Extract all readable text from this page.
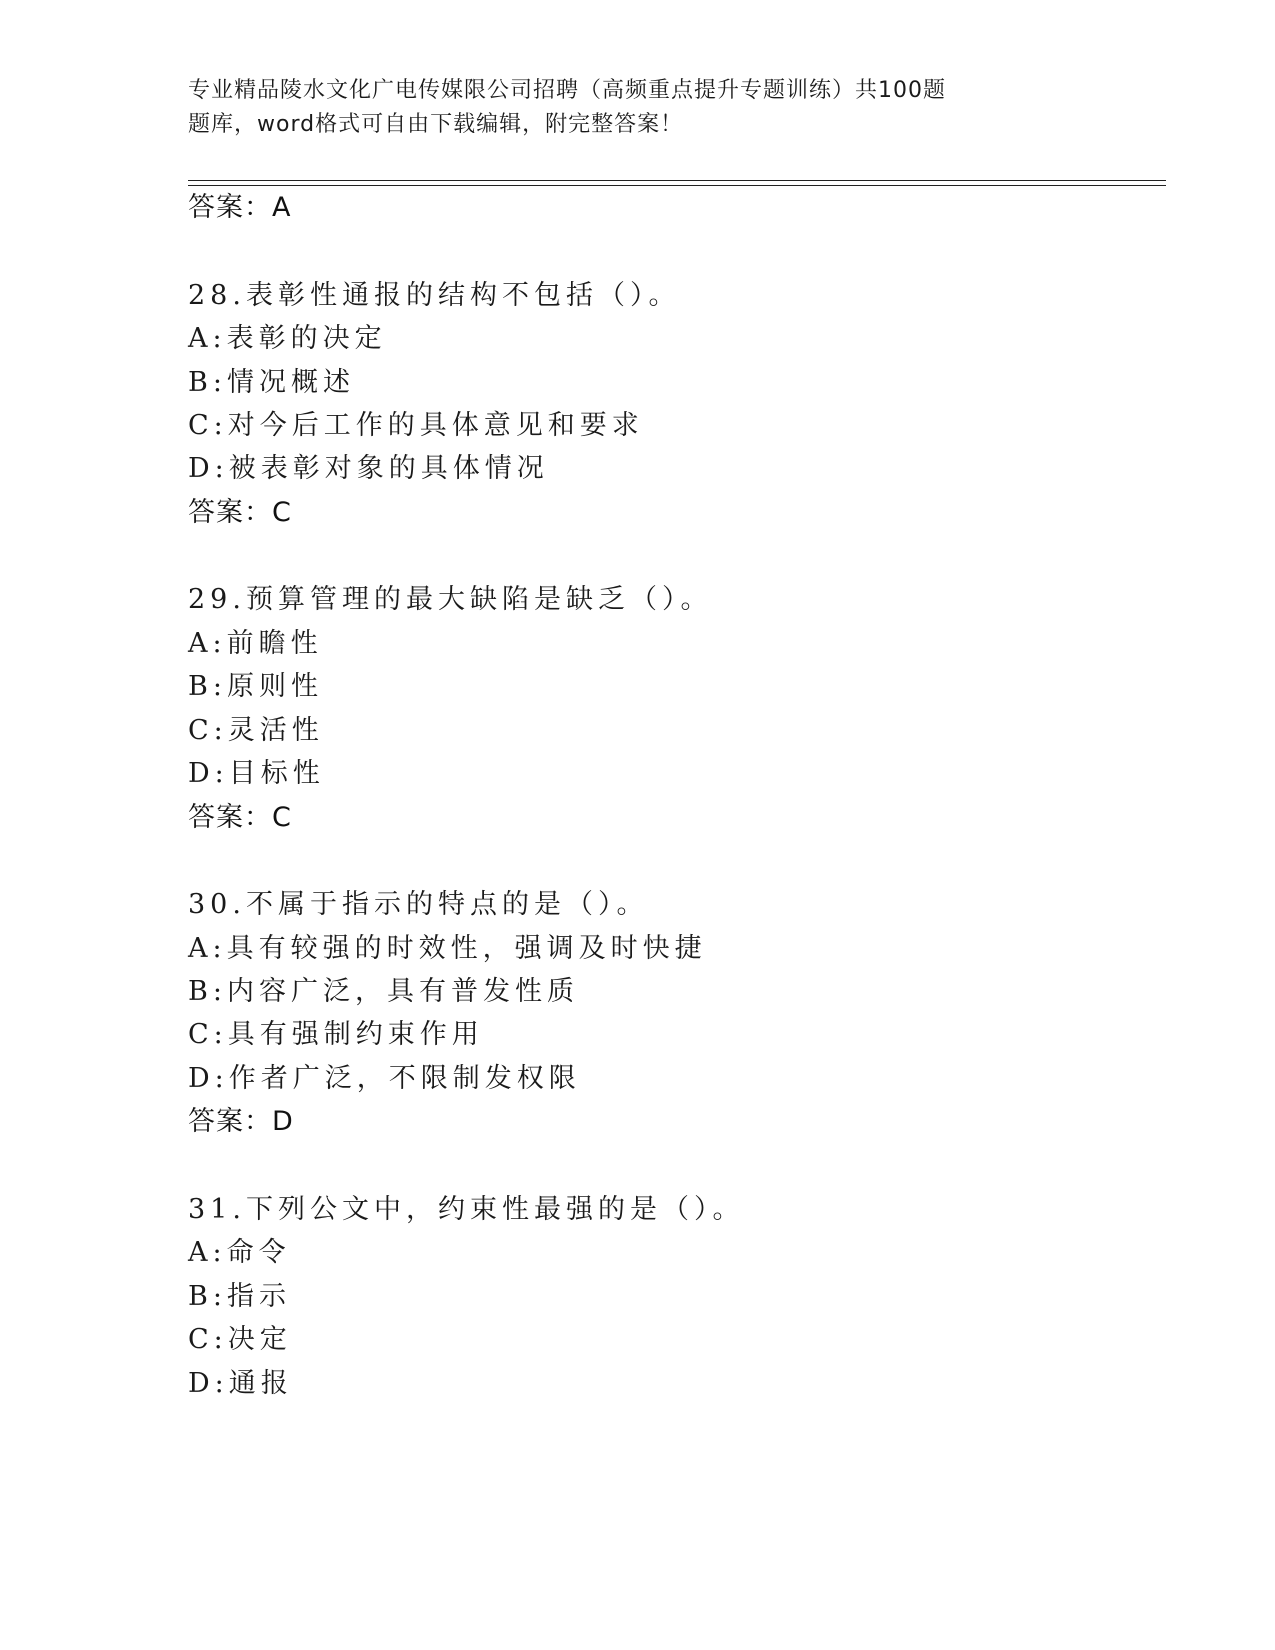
专业精品陵水文化广电传媒限公司招聘（高频重点提升专题训练）共100题
题库，word格式可自由下载编辑，附完整答案！
答案：A
28.表彰性通报的结构不包括（）。
A:表彰的决定
B:情况概述
C:对今后工作的具体意见和要求
D:被表彰对象的具体情况
答案：C
29.预算管理的最大缺陷是缺乏（）。
A:前瞻性
B:原则性
C:灵活性
D:目标性
答案：C
30.不属于指示的特点的是（）。
A:具有较强的时效性，强调及时快捷
B:内容广泛，具有普发性质
C:具有强制约束作用
D:作者广泛，不限制发权限
答案：D
31.下列公文中，约束性最强的是（）。
A:命令
B:指示
C:决定
D:通报
